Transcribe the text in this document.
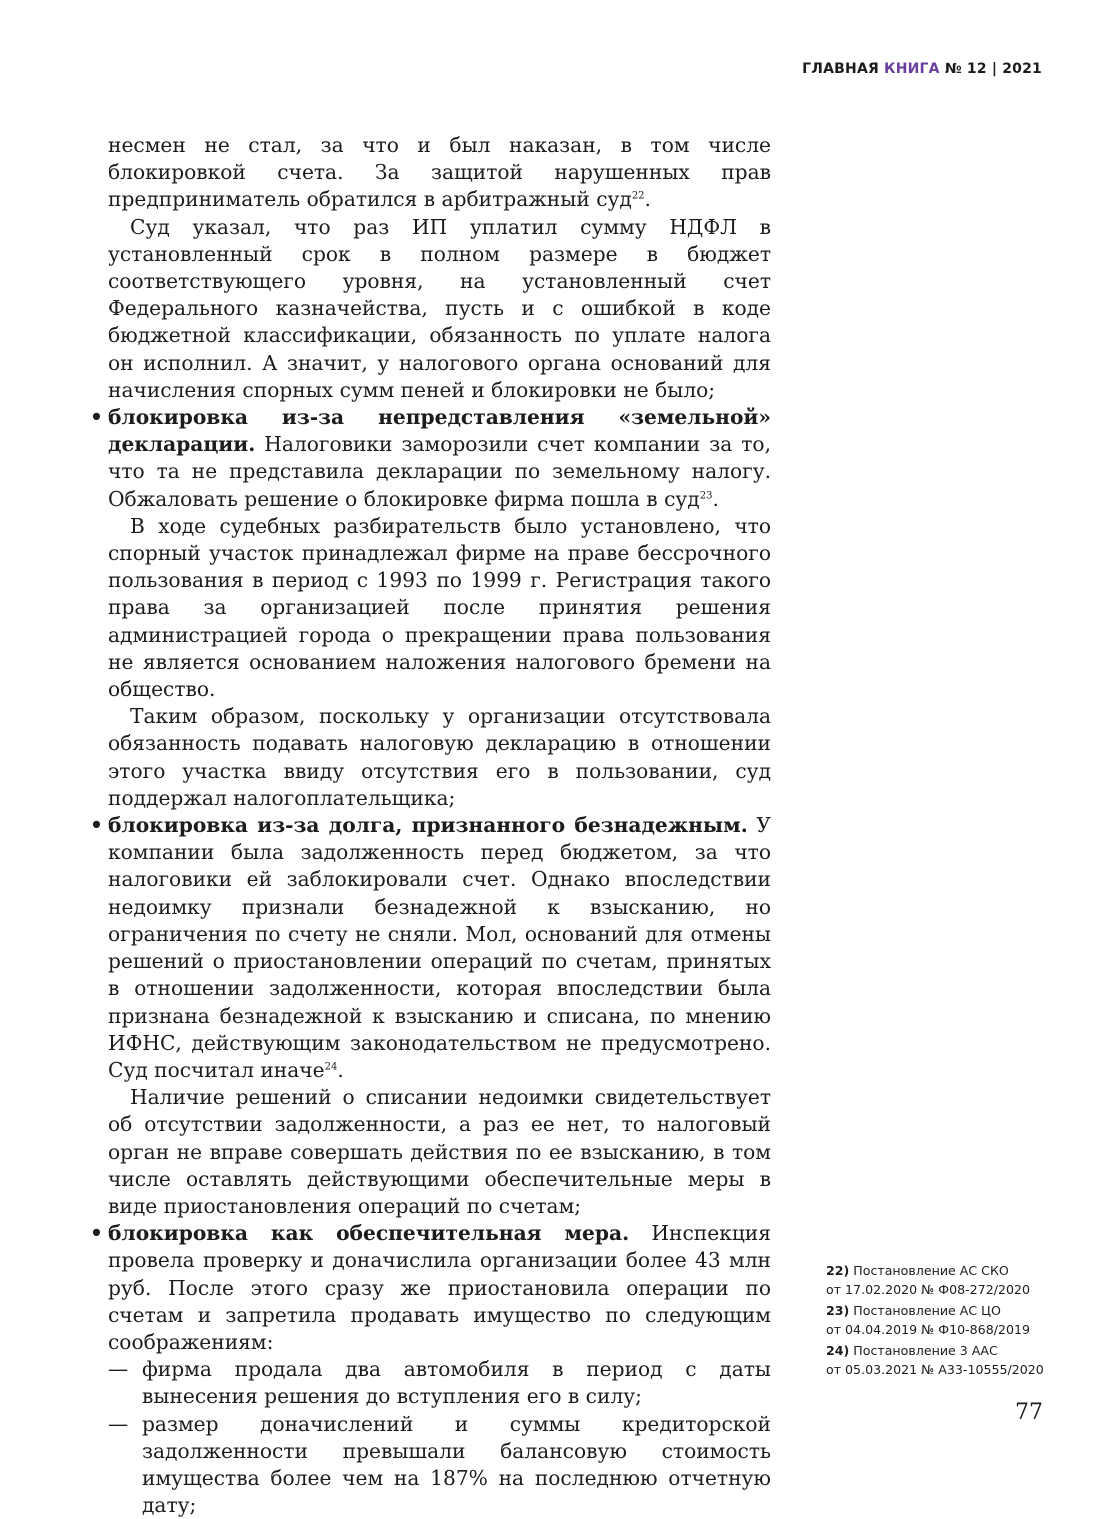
ГЛАВНАЯ КНИГА № 12 | 2021

несмен не стал, за что и был наказан, в том числе блокировкой счета. За защитой нарушенных прав предприниматель обратился в арбитражный суд$^{22}$.

Суд указал, что раз ИП уплатил сумму НДФЛ в установленный срок в полном размере в бюджет соответствующего уровня, на установленный счет Федерального казначейства, пусть и с ошибкой в коде бюджетной классификации, обязанность по уплате налога он исполнил. А значит, у налогового органа оснований для начисления спорных сумм пеней и блокировки не было;

• блокировка из-за непредставления «земельной» декларации. Налоговики заморозили счет компании за то, что та не представила декларации по земельному налогу. Обжаловать решение о блокировке фирма пошла в суд$^{23}$.

В ходе судебных разбирательств было установлено, что спорный участок принадлежал фирме на праве бессрочного пользования в период с 1993 по 1999 г. Регистрация такого права за организацией после принятия решения администрацией города о прекращении права пользования не является основанием наложения налогового бремени на общество.

Таким образом, поскольку у организации отсутствовала обязанность подавать налоговую декларацию в отношении этого участка ввиду отсутствия его в пользовании, суд поддержал налогоплательщика;

• блокировка из-за долга, признанного безнадежным. У компании была задолженность перед бюджетом, за что налоговики ей заблокировали счет. Однако впоследствии недоимку признали безнадежной к взысканию, но ограничения по счету не сняли. Мол, оснований для отмены решений о приостановлении операций по счетам, принятых в отношении задолженности, которая впоследствии была признана безнадежной к взысканию и списана, по мнению ИФНС, действующим законодательством не предусмотрено. Суд посчитал иначе$^{24}$.

Наличие решений о списании недоимки свидетельствует об отсутствии задолженности, а раз ее нет, то налоговый орган не вправе совершать действия по ее взысканию, в том числе оставлять действующими обеспечительные меры в виде приостановления операций по счетам;

• блокировка как обеспечительная мера. Инспекция провела проверку и доначислила организации более 43 млн руб. После этого сразу же приостановила операции по счетам и запретила продавать имущество по следующим соображениям:
— фирма продала два автомобиля в период с даты вынесения решения до вступления его в силу;
— размер доначислений и суммы кредиторской задолженности превышали балансовую стоимость имущества более чем на 187% на последнюю отчетную дату;
22) Постановление АС СКО
от 17.02.2020 № Ф08-272/2020
23) Постановление АС ЦО
от 04.04.2019 № Ф10-868/2019
24) Постановление 3 ААС
от 05.03.2021 № А33-10555/2020
77
